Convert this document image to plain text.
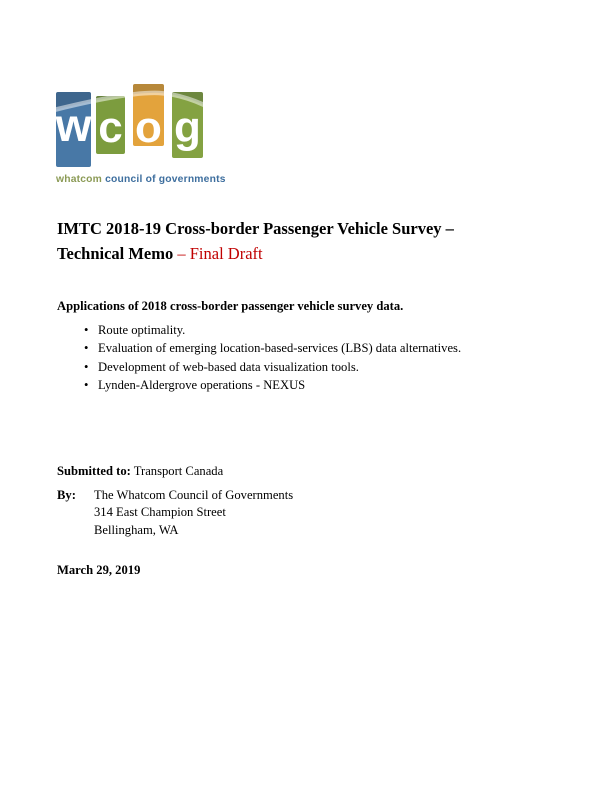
w c o g
whatcom council of governments
IMTC 2018-19 Cross-border Passenger Vehicle Survey –
Technical Memo – Final Draft
Applications of 2018 cross-border passenger vehicle survey data.
• Route optimality.
• Evaluation of emerging location-based-services (LBS) data alternatives.
• Development of web-based data visualization tools.
• Lynden-Aldergrove operations - NEXUS
Submitted to: Transport Canada
By:	The Whatcom Council of Governments
314 East Champion Street
Bellingham, WA
March 29, 2019
